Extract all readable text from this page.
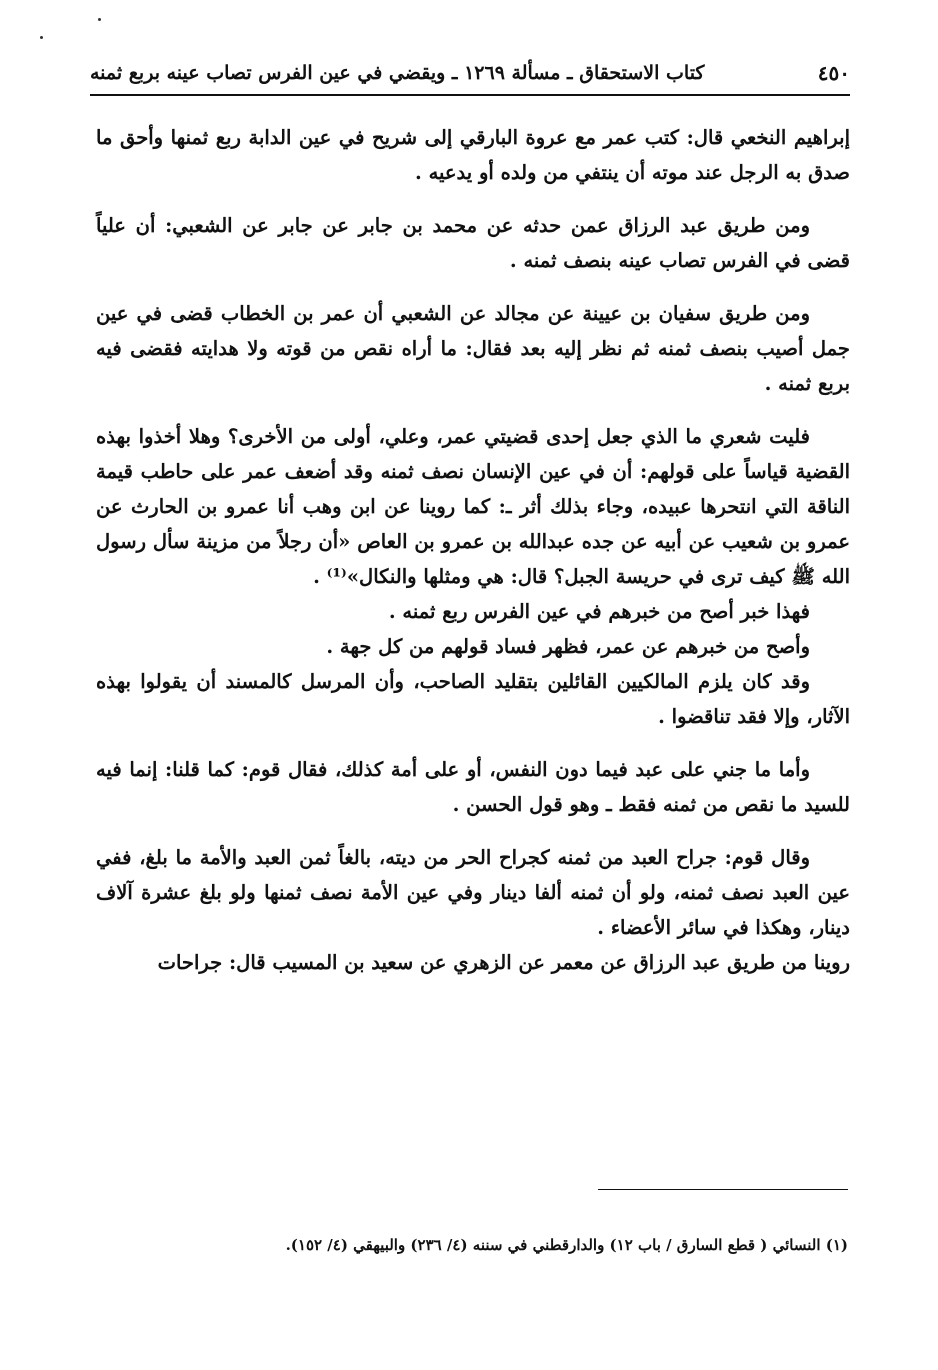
٤٥٠
كتاب الاستحقاق ـ مسألة ١٢٦٩ ـ ويقضي في عين الفرس تصاب عينه بربع ثمنه

إبراهيم النخعي قال: كتب عمر مع عروة البارقي إلى شريح في عين الدابة ربع ثمنها وأحق ما صدق به الرجل عند موته أن ينتفي من ولده أو يدعيه .

ومن طريق عبد الرزاق عمن حدثه عن محمد بن جابر عن جابر عن الشعبي: أن علياً قضى في الفرس تصاب عينه بنصف ثمنه .

ومن طريق سفيان بن عيينة عن مجالد عن الشعبي أن عمر بن الخطاب قضى في عين جمل أصيب بنصف ثمنه ثم نظر إليه بعد فقال: ما أراه نقص من قوته ولا هدايته فقضى فيه بربع ثمنه .

فليت شعري ما الذي جعل إحدى قضيتي عمر، وعلي، أولى من الأخرى؟ وهلا أخذوا بهذه القضية قياساً على قولهم: أن في عين الإنسان نصف ثمنه وقد أضعف عمر على حاطب قيمة الناقة التي انتحرها عبيده، وجاء بذلك أثر ـ: كما روينا عن ابن وهب أنا عمرو بن الحارث عن عمرو بن شعيب عن أبيه عن جده عبدالله بن عمرو بن العاص «أن رجلاً من مزينة سأل رسول الله ﷺ كيف ترى في حريسة الجبل؟ قال: هي ومثلها والنكال»⁽¹⁾ .

فهذا خبر أصح من خبرهم في عين الفرس ربع ثمنه .

وأصح من خبرهم عن عمر، فظهر فساد قولهم من كل جهة .

وقد كان يلزم المالكيين القائلين بتقليد الصاحب، وأن المرسل كالمسند أن يقولوا بهذه الآثار، وإلا فقد تناقضوا .

وأما ما جني على عبد فيما دون النفس، أو على أمة كذلك، فقال قوم: كما قلنا: إنما فيه للسيد ما نقص من ثمنه فقط ـ وهو قول الحسن .

وقال قوم: جراح العبد من ثمنه كجراح الحر من ديته، بالغاً ثمن العبد والأمة ما بلغ، ففي عين العبد نصف ثمنه، ولو أن ثمنه ألفا دينار وفي عين الأمة نصف ثمنها ولو بلغ عشرة آلاف دينار، وهكذا في سائر الأعضاء .

روينا من طريق عبد الرزاق عن معمر عن الزهري عن سعيد بن المسيب قال: جراحات

(١) النسائي ( قطع السارق / باب ١٢) والدارقطني في سننه (٤/ ٢٣٦) والبيهقي (٤/ ١٥٢).
